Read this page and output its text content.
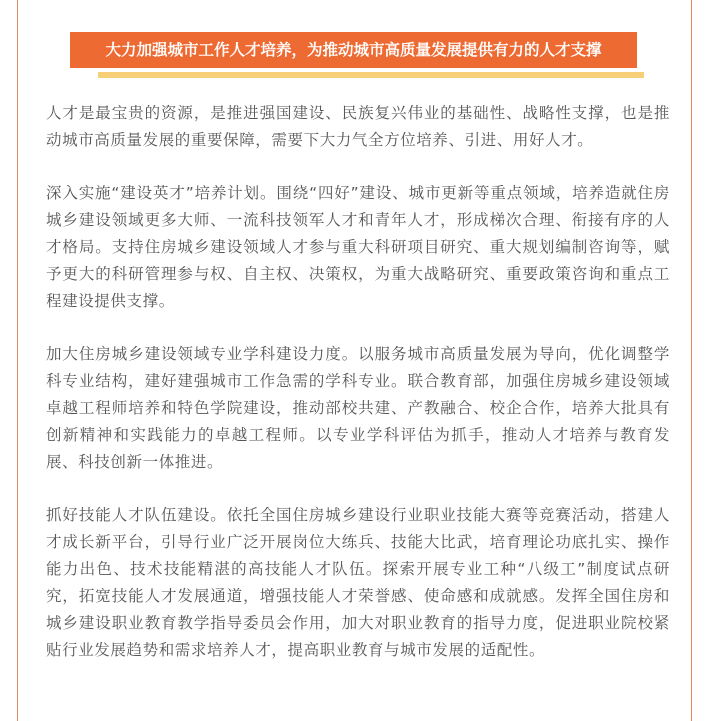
大力加强城市工作人才培养，为推动城市高质量发展提供有力的人才支撑

人才是最宝贵的资源，是推进强国建设、民族复兴伟业的基础性、战略性支撑，也是推动城市高质量发展的重要保障，需要下大力气全方位培养、引进、用好人才。

深入实施“建设英才”培养计划。围绕“四好”建设、城市更新等重点领域，培养造就住房城乡建设领域更多大师、一流科技领军人才和青年人才，形成梯次合理、衔接有序的人才格局。支持住房城乡建设领域人才参与重大科研项目研究、重大规划编制咨询等，赋予更大的科研管理参与权、自主权、决策权，为重大战略研究、重要政策咨询和重点工程建设提供支撑。

加大住房城乡建设领域专业学科建设力度。以服务城市高质量发展为导向，优化调整学科专业结构，建好建强城市工作急需的学科专业。联合教育部，加强住房城乡建设领域卓越工程师培养和特色学院建设，推动部校共建、产教融合、校企合作，培养大批具有创新精神和实践能力的卓越工程师。以专业学科评估为抓手，推动人才培养与教育发展、科技创新一体推进。

抓好技能人才队伍建设。依托全国住房城乡建设行业职业技能大赛等竞赛活动，搭建人才成长新平台，引导行业广泛开展岗位大练兵、技能大比武，培育理论功底扎实、操作能力出色、技术技能精湛的高技能人才队伍。探索开展专业工种“八级工”制度试点研究，拓宽技能人才发展通道，增强技能人才荣誉感、使命感和成就感。发挥全国住房和城乡建设职业教育教学指导委员会作用，加大对职业教育的指导力度，促进职业院校紧贴行业发展趋势和需求培养人才，提高职业教育与城市发展的适配性。
